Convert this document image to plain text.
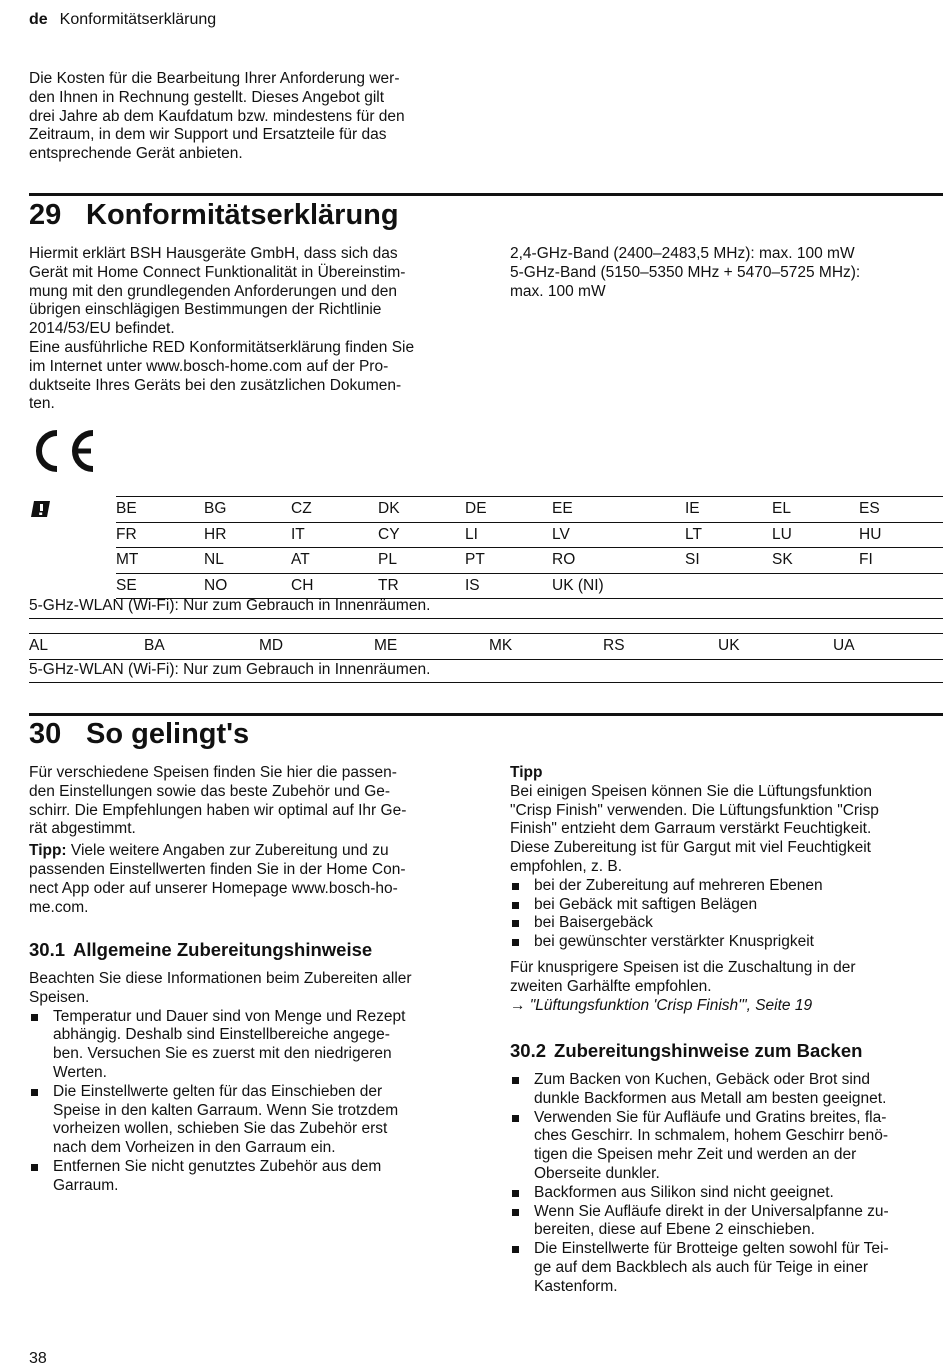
de Konformitätserklärung

Die Kosten für die Bearbeitung Ihrer Anforderung wer-

den Ihnen in Rechnung gestellt. Dieses Angebot gilt

drei Jahre ab dem Kaufdatum bzw. mindestens für den

Zeitraum, in dem wir Support und Ersatzteile für das

entsprechende Gerät anbieten.

29 Konformitätserklärung

Hiermit erklärt BSH Hausgeräte GmbH, dass sich das

Gerät mit Home Connect Funktionalität in Übereinstim-

mung mit den grundlegenden Anforderungen und den

übrigen einschlägigen Bestimmungen der Richtlinie

2014/53/EU befindet.

Eine ausführliche RED Konformitätserklärung finden Sie

im Internet unter www.bosch-home.com auf der Pro-

duktseite Ihres Geräts bei den zusätzlichen Dokumen-

ten.

2,4-GHz-Band (2400–2483,5 MHz): max. 100 mW

5-GHz-Band (5150–5350 MHz + 5470–5725 MHz):

max. 100 mW

BE	BG	CZ	DK	DE	EE	IE	EL	ES
FR	HR	IT	CY	LI	LV	LT	LU	HU
MT	NL	AT	PL	PT	RO	SI	SK	FI
SE	NO	CH	TR	IS	UK (NI)			
5-GHz-WLAN (Wi-Fi): Nur zum Gebrauch in Innenräumen.
AL	BA	MD	ME	MK	RS	UK	UA
5-GHz-WLAN (Wi-Fi): Nur zum Gebrauch in Innenräumen.
30 So gelingt's

Für verschiedene Speisen finden Sie hier die passen-

den Einstellungen sowie das beste Zubehör und Ge-

schirr. Die Empfehlungen haben wir optimal auf Ihr Ge-

rät abgestimmt.

Tipp: Viele weitere Angaben zur Zubereitung und zu

passenden Einstellwerten finden Sie in der Home Con-

nect App oder auf unserer Homepage www.bosch-ho-

me.com.

30.1 Allgemeine Zubereitungshinweise

Beachten Sie diese Informationen beim Zubereiten aller

Speisen.

Temperatur und Dauer sind von Menge und Rezept
abhängig. Deshalb sind Einstellbereiche angege-
ben. Versuchen Sie es zuerst mit den niedrigeren
Werten.
Die Einstellwerte gelten für das Einschieben der
Speise in den kalten Garraum. Wenn Sie trotzdem
vorheizen wollen, schieben Sie das Zubehör erst
nach dem Vorheizen in den Garraum ein.
Entfernen Sie nicht genutztes Zubehör aus dem
Garraum.

Tipp

Bei einigen Speisen können Sie die Lüftungsfunktion

"Crisp Finish" verwenden. Die Lüftungsfunktion "Crisp

Finish" entzieht dem Garraum verstärkt Feuchtigkeit.

Diese Zubereitung ist für Gargut mit viel Feuchtigkeit

empfohlen, z. B.

bei der Zubereitung auf mehreren Ebenen
bei Gebäck mit saftigen Belägen
bei Baisergebäck
bei gewünschter verstärkter Knusprigkeit

Für knusprigere Speisen ist die Zuschaltung in der

zweiten Garhälfte empfohlen.

→ "Lüftungsfunktion 'Crisp Finish'", Seite 19

30.2 Zubereitungshinweise zum Backen
Zum Backen von Kuchen, Gebäck oder Brot sind
dunkle Backformen aus Metall am besten geeignet.
Verwenden Sie für Aufläufe und Gratins breites, fla-
ches Geschirr. In schmalem, hohem Geschirr benö-
tigen die Speisen mehr Zeit und werden an der
Oberseite dunkler.
Backformen aus Silikon sind nicht geeignet.
Wenn Sie Aufläufe direkt in der Universalpfanne zu-
bereiten, diese auf Ebene 2 einschieben.
Die Einstellwerte für Brotteige gelten sowohl für Tei-
ge auf dem Backblech als auch für Teige in einer
Kastenform.
38
